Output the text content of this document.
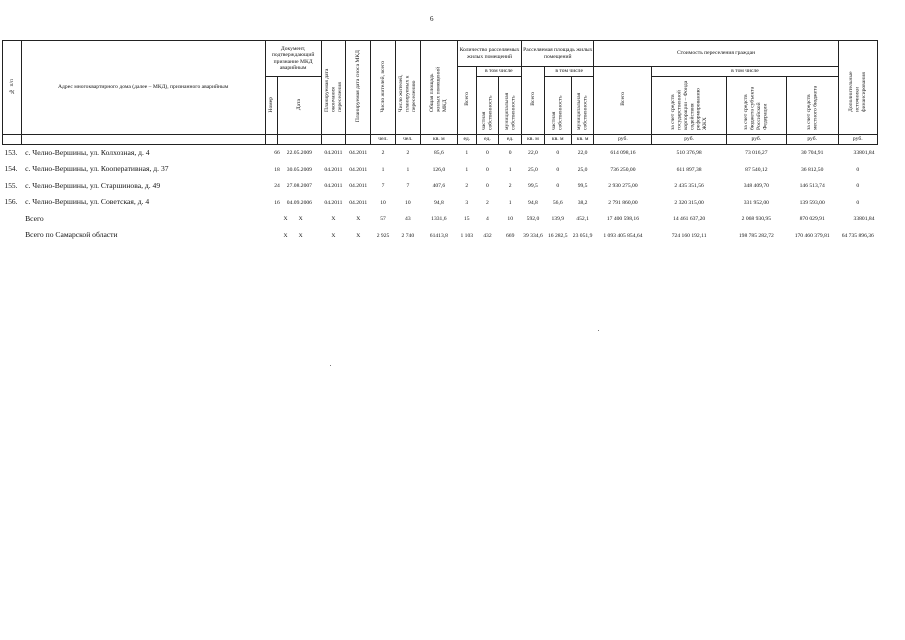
6
№ п/п	Адрес многоквартирного дома (далее – МКД), признанного аварийным	Документ, подтверждающий признание МКД аварийным		Планируемая дата окончания переселения	Планируемая дата сноса МКД	Число жителей, всего	Число жителей, планируемых к переселению	Общая площадь жилых помещений МКД	Количество расселяемых жилых помещений			Расселяемая площадь жилых помещений			Стоимость переселения граждан				Дополнительные источники финансирования
									Всего	в том числе		Всего	в том числе		Всего	в том числе			
		Номер	Дата							частная собственность	муниципальная собственность		частная собственность	муниципальная собственность		за счет средств государственной корпорации – Фонда содействия реформированию ЖКХ	за счет средств бюджета субъекта Российской Федерации	за счет средств местного бюджета	
						чел.	чел.	кв. м	ед.	ед.	ед.	кв. м	кв. м	кв. м	руб.	руб.	руб.	руб.	руб.
153.	с. Челно-Вершины, ул. Колхозная, д. 4	66 22.05.2009		04.2011	04.2011	2	2	85,6	1	0	0	22,0	0	22,0	614 098,16	510 376,98	73 016,27	30 704,91	33801,84
154.	с. Челно-Вершины, ул. Кооперативная, д. 37	18 30.05.2009		04.2011	04.2011	1	1	126,0	1	0	1	25,0	0	25,0	736 250,00	611 897,38	87 540,12	36 812,50	0
155.	с. Челно-Вершины, ул. Старшинова, д. 49	24 27.08.2007		04.2011	04.2011	7	7	407,6	2	0	2	99,5	0	99,5	2 930 275,00	2 435 351,56	348 409,70	146 513,74	0
156.	с. Челно-Вершины, ул. Советская, д. 4	16 04.09.2006		04.2011	04.2011	10	10	94,8	3	2	1	94,8	56,6	38,2	2 791 860,00	2 320 315,00	331 952,00	139 593,00	0
	Всего	X X		X	X	57	43	1331,6	15	4	10	592,0	139,9	452,1	17 400 598,16	14 461 637,20	2 068 930,95	870 029,91	33801,84
	Всего по Самарской области	X X		X	X	2 925	2 740	61413,8	1 103	432	669	39 334,6	16 282,5	23 051,9	1 093 405 854,64	724 160 192,11	198 785 282,72	170 460 379,81	64 735 896,36
